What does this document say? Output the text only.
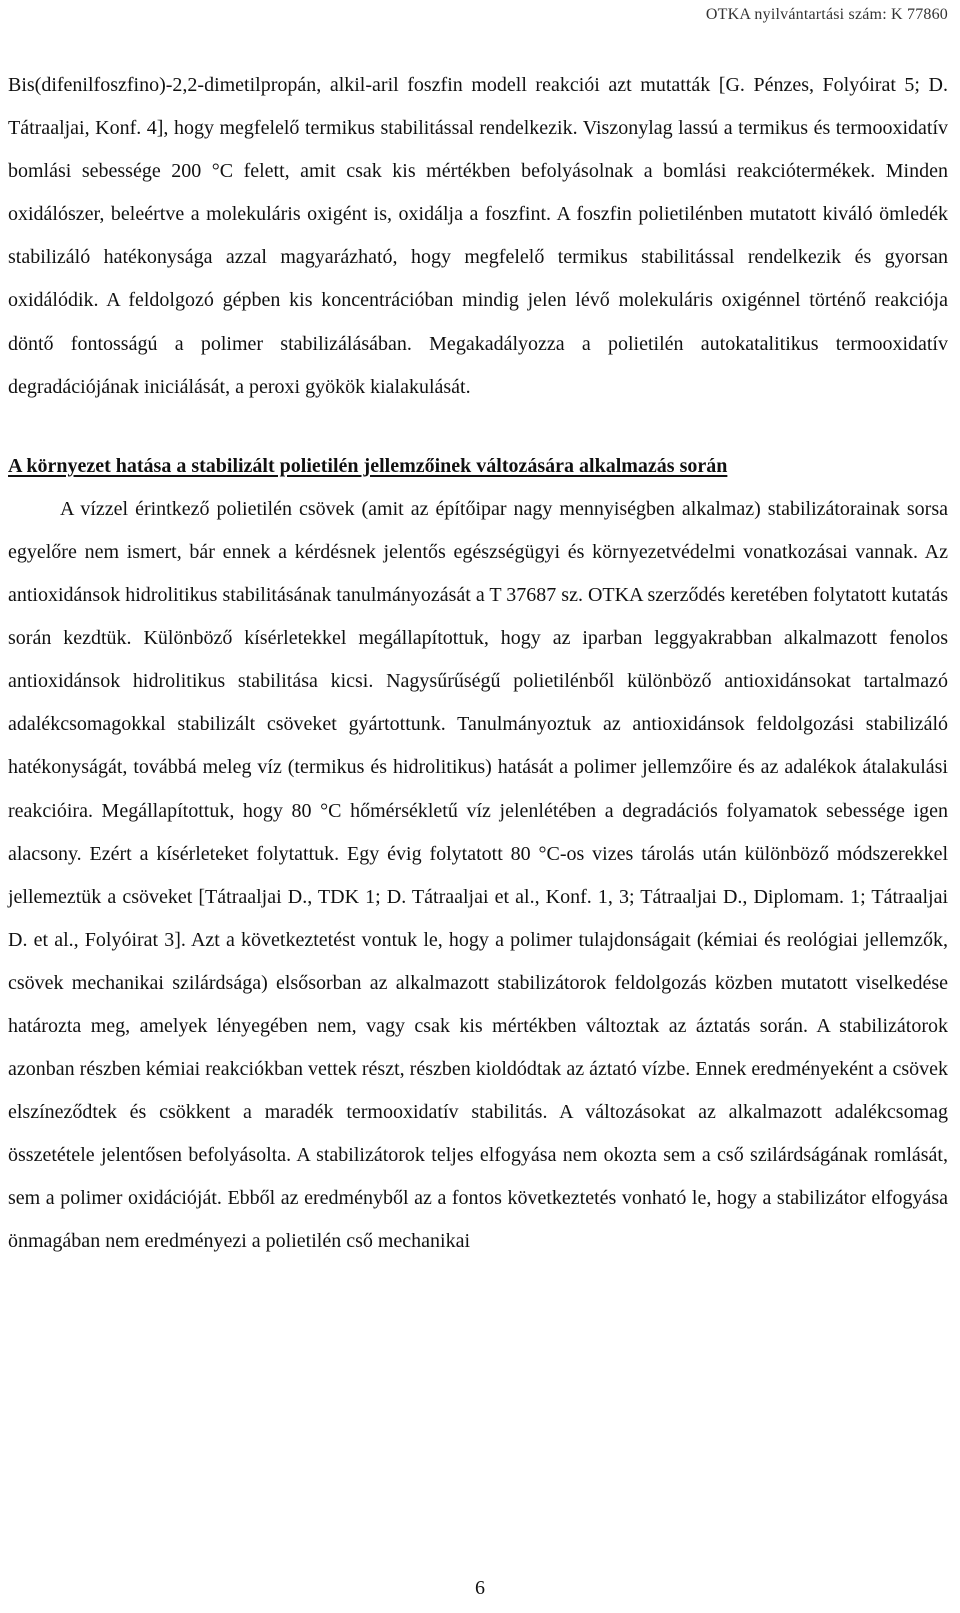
OTKA nyilvántartási szám: K 77860

Bis(difenilfoszfino)-2,2-dimetilpropán, alkil-aril foszfin modell reakciói azt mutatták [G. Pénzes, Folyóirat 5; D. Tátraaljai, Konf. 4], hogy megfelelő termikus stabilitással rendelkezik. Viszonylag lassú a termikus és termooxidatív bomlási sebessége 200 °C felett, amit csak kis mértékben befolyásolnak a bomlási reakciótermékek. Minden oxidálószer, beleértve a molekuláris oxigént is, oxidálja a foszfint. A foszfin polietilénben mutatott kiváló ömledék stabilizáló hatékonysága azzal magyarázható, hogy megfelelő termikus stabilitással rendelkezik és gyorsan oxidálódik. A feldolgozó gépben kis koncentrációban mindig jelen lévő molekuláris oxigénnel történő reakciója döntő fontosságú a polimer stabilizálásában. Megakadályozza a polietilén autokatalitikus termooxidatív degradációjának iniciálását, a peroxi gyökök kialakulását.

A környezet hatása a stabilizált polietilén jellemzőinek változására alkalmazás során

A vízzel érintkező polietilén csövek (amit az építőipar nagy mennyiségben alkalmaz) stabilizátorainak sorsa egyelőre nem ismert, bár ennek a kérdésnek jelentős egészségügyi és környezetvédelmi vonatkozásai vannak. Az antioxidánsok hidrolitikus stabilitásának tanulmányozását a T 37687 sz. OTKA szerződés keretében folytatott kutatás során kezdtük. Különböző kísérletekkel megállapítottuk, hogy az iparban leggyakrabban alkalmazott fenolos antioxidánsok hidrolitikus stabilitása kicsi. Nagysűrűségű polietilénből különböző antioxidánsokat tartalmazó adalékcsomagokkal stabilizált csöveket gyártottunk. Tanulmányoztuk az antioxidánsok feldolgozási stabilizáló hatékonyságát, továbbá meleg víz (termikus és hidrolitikus) hatását a polimer jellemzőire és az adalékok átalakulási reakcióira. Megállapítottuk, hogy 80 °C hőmérsékletű víz jelenlétében a degradációs folyamatok sebessége igen alacsony. Ezért a kísérleteket folytattuk. Egy évig folytatott 80 °C-os vizes tárolás után különböző módszerekkel jellemeztük a csöveket [Tátraaljai D., TDK 1; D. Tátraaljai et al., Konf. 1, 3; Tátraaljai D., Diplomam. 1; Tátraaljai D. et al., Folyóirat 3]. Azt a következtetést vontuk le, hogy a polimer tulajdonságait (kémiai és reológiai jellemzők, csövek mechanikai szilárdsága) elsősorban az alkalmazott stabilizátorok feldolgozás közben mutatott viselkedése határozta meg, amelyek lényegében nem, vagy csak kis mértékben változtak az áztatás során. A stabilizátorok azonban részben kémiai reakciókban vettek részt, részben kioldódtak az áztató vízbe. Ennek eredményeként a csövek elszíneződtek és csökkent a maradék termooxidatív stabilitás. A változásokat az alkalmazott adalékcsomag összetétele jelentősen befolyásolta. A stabilizátorok teljes elfogyása nem okozta sem a cső szilárdságának romlását, sem a polimer oxidációját. Ebből az eredményből az a fontos következtetés vonható le, hogy a stabilizátor elfogyása önmagában nem eredményezi a polietilén cső mechanikai

6
